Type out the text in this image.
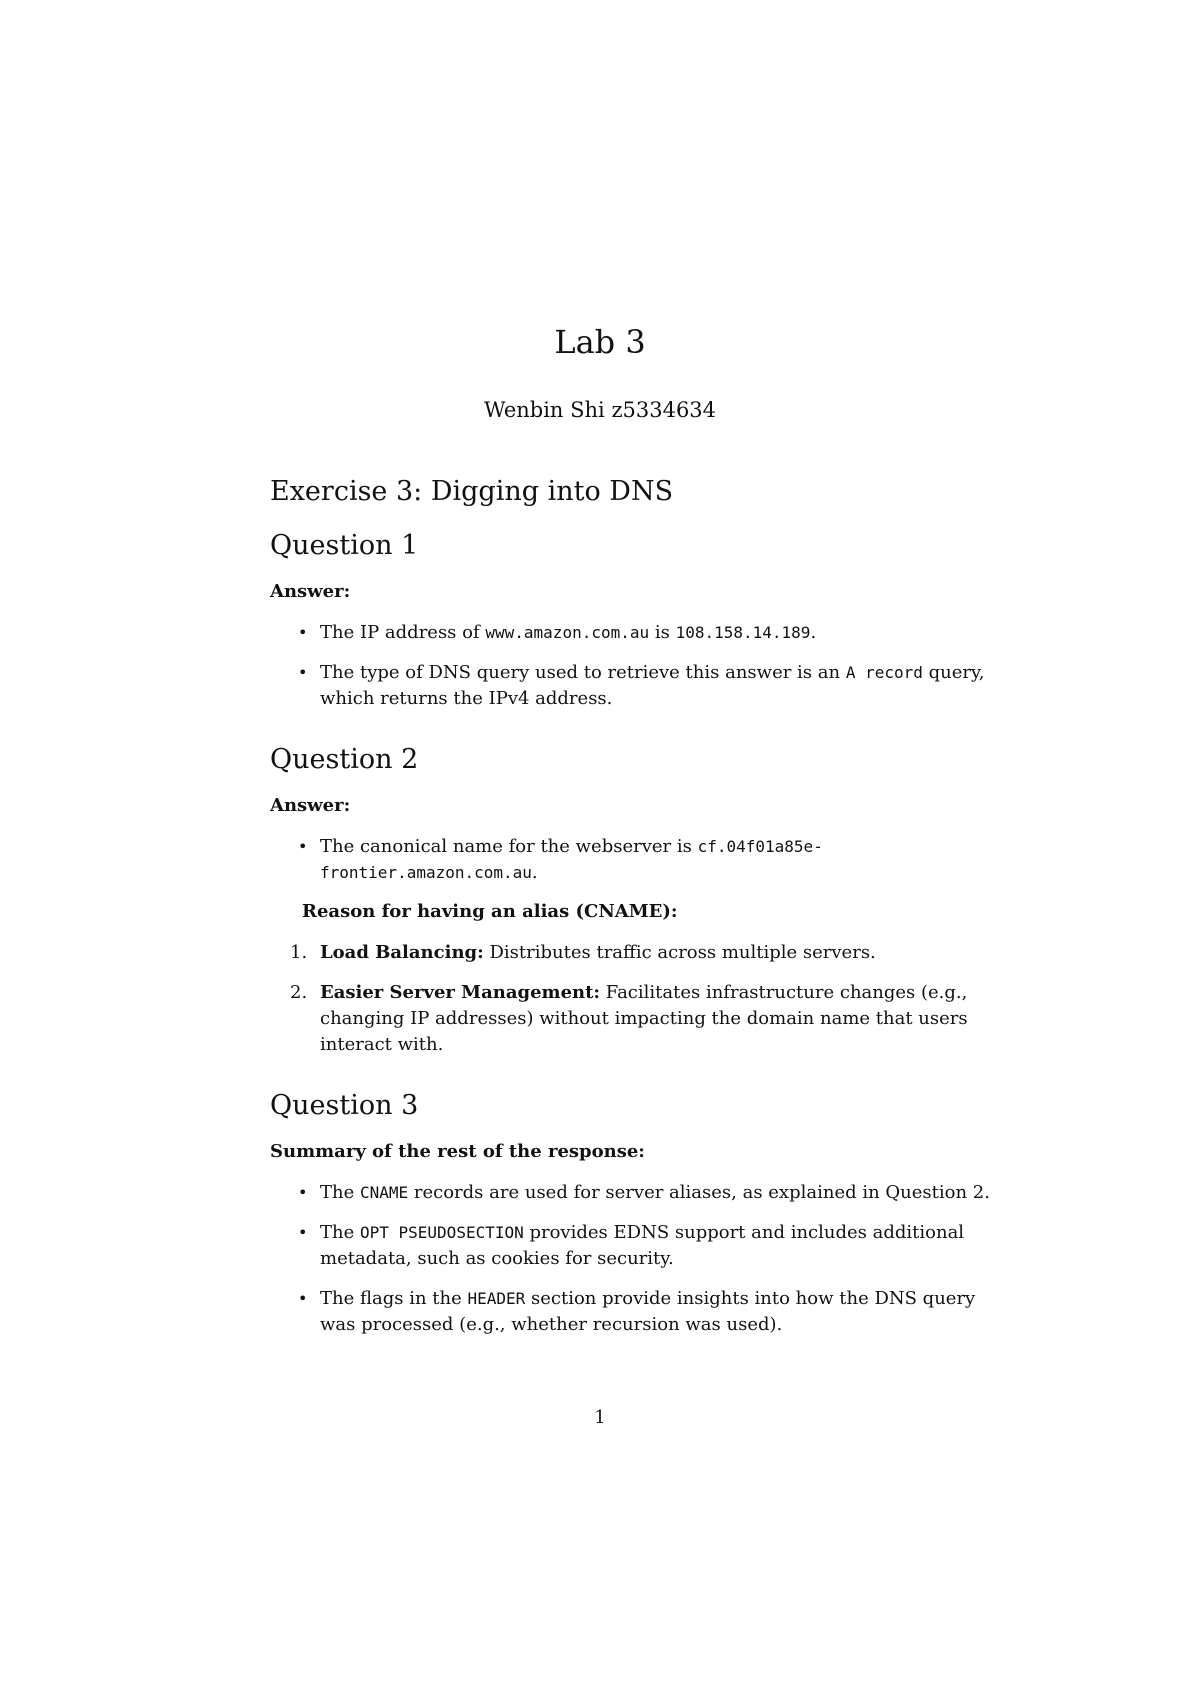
Lab 3
Wenbin Shi z5334634
Exercise 3: Digging into DNS
Question 1
Answer:
• The IP address of www.amazon.com.au is 108.158.14.189.
• The type of DNS query used to retrieve this answer is an A record query, which returns the IPv4 address.
Question 2
Answer:
• The canonical name for the webserver is cf.04f01a85e-frontier.amazon.com.au.
Reason for having an alias (CNAME):
1. Load Balancing: Distributes traffic across multiple servers.
2. Easier Server Management: Facilitates infrastructure changes (e.g., changing IP addresses) without impacting the domain name that users interact with.
Question 3
Summary of the rest of the response:
• The CNAME records are used for server aliases, as explained in Question 2.
• The OPT PSEUDOSECTION provides EDNS support and includes additional metadata, such as cookies for security.
• The flags in the HEADER section provide insights into how the DNS query was processed (e.g., whether recursion was used).
1
